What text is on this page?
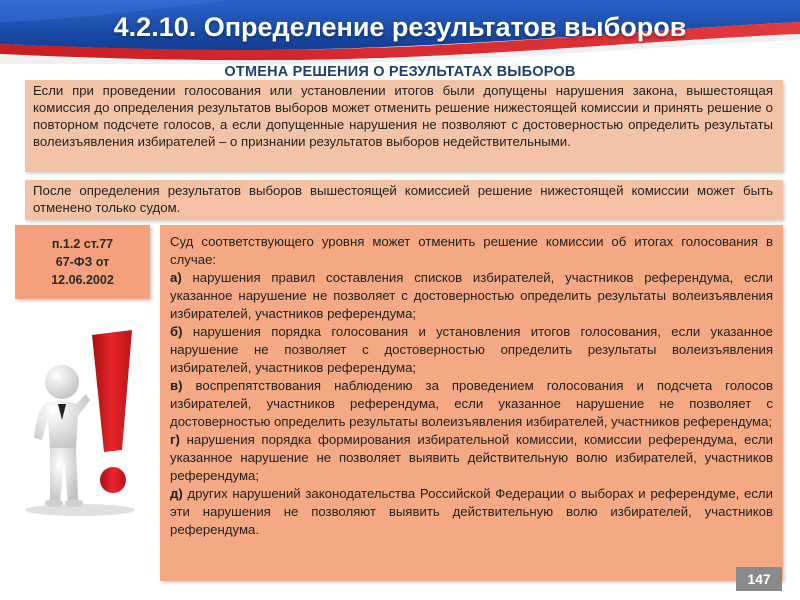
4.2.10. Определение результатов выборов
ОТМЕНА РЕШЕНИЯ О РЕЗУЛЬТАТАХ ВЫБОРОВ
Если при проведении голосования или установлении итогов были допущены нарушения закона, вышестоящая комиссия до определения результатов выборов может отменить решение нижестоящей комиссии и принять решение о повторном подсчете голосов, а если допущенные нарушения не позволяют с достоверностью определить результаты волеизъявления избирателей – о признании результатов выборов недействительными.
После определения результатов выборов вышестоящей комиссией решение нижестоящей комиссии может быть отменено только судом.
п.1.2 ст.77
67-ФЗ от
12.06.2002

Суд соответствующего уровня может отменить решение комиссии об итогах голосования в случае:

а) нарушения правил составления списков избирателей, участников референдума, если указанное нарушение не позволяет с достоверностью определить результаты волеизъявления избирателей, участников референдума;

б) нарушения порядка голосования и установления итогов голосования, если указанное нарушение не позволяет с достоверностью определить результаты волеизъявления избирателей, участников референдума;

в) воспрепятствования наблюдению за проведением голосования и подсчета голосов избирателей, участников референдума, если указанное нарушение не позволяет с достоверностью определить результаты волеизъявления избирателей, участников референдума;

г) нарушения порядка формирования избирательной комиссии, комиссии референдума, если указанное нарушение не позволяет выявить действительную волю избирателей, участников референдума;

д) других нарушений законодательства Российской Федерации о выборах и референдуме, если эти нарушения не позволяют выявить действительную волю избирателей, участников референдума.

147
